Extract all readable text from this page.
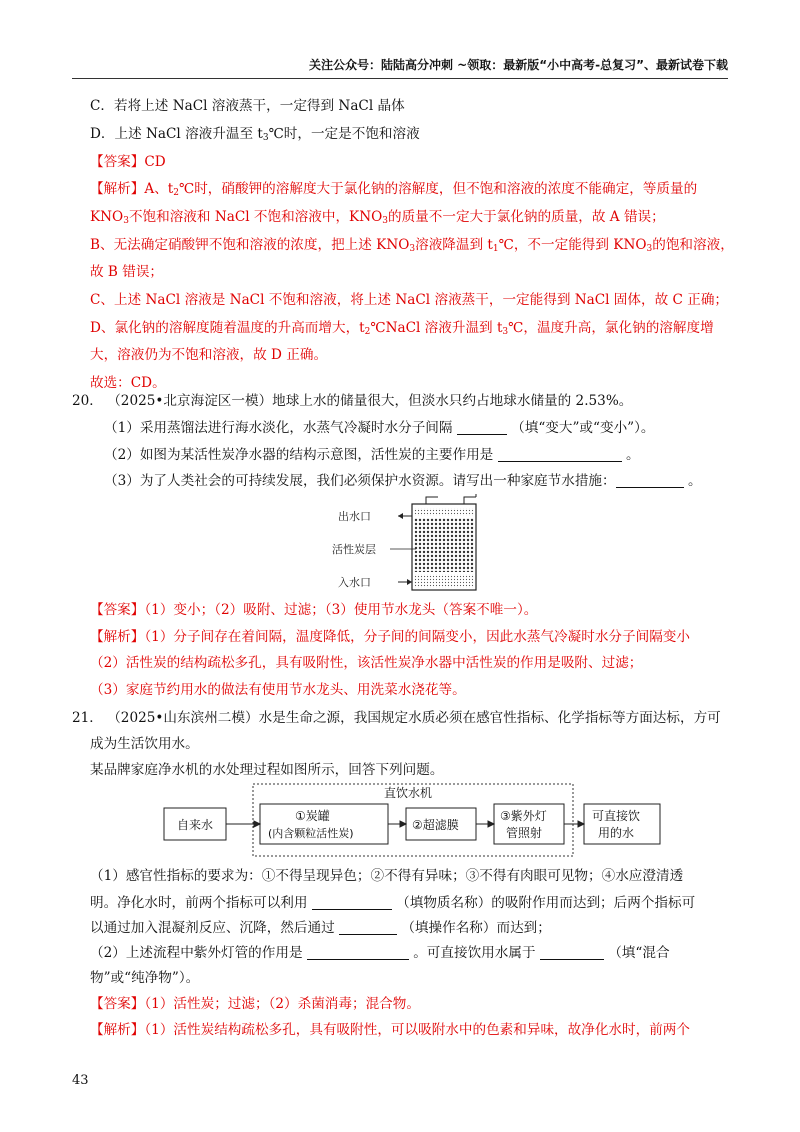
关注公众号：陆陆高分冲刺 ~领取：最新版“小中高考-总复习”、最新试卷下载
C．若将上述 NaCl 溶液蒸干，一定得到 NaCl 晶体
D．上述 NaCl 溶液升温至 $t_3℃$时，一定是不饱和溶液
【答案】CD
【解析】A、$t_2℃$时，硝酸钾的溶解度大于氯化钠的溶解度，但不饱和溶液的浓度不能确定，等质量的
$KNO_3$不饱和溶液和 NaCl 不饱和溶液中，$KNO_3$的质量不一定大于氯化钠的质量，故 A 错误；
B、无法确定硝酸钾不饱和溶液的浓度，把上述 $KNO_3$溶液降温到 $t_1℃$，不一定能得到 $KNO_3$的饱和溶液，
故 B 错误；
C、上述 NaCl 溶液是 NaCl 不饱和溶液，将上述 NaCl 溶液蒸干，一定能得到 NaCl 固体，故 C 正确；
D、氯化钠的溶解度随着温度的升高而增大，$t_2℃NaCl$ 溶液升温到 $t_3℃$，温度升高，氯化钠的溶解度增
大，溶液仍为不饱和溶液，故 D 正确。
故选：CD。
20． （2025•北京海淀区一模）地球上水的储量很大，但淡水只约占地球水储量的 2.53%。
（1）采用蒸馏法进行海水淡化，水蒸气冷凝时水分子间隔	（填“变大”或“变小”）。
（2）如图为某活性炭净水器的结构示意图，活性炭的主要作用是	。
（3）为了人类社会的可持续发展，我们必须保护水资源。请写出一种家庭节水措施：	。
出水口
活性炭层
入水口
【答案】（1）变小；（2）吸附、过滤；（3）使用节水龙头（答案不唯一）。
【解析】（1）分子间存在着间隔，温度降低，分子间的间隔变小，因此水蒸气冷凝时水分子间隔变小
（2）活性炭的结构疏松多孔，具有吸附性，该活性炭净水器中活性炭的作用是吸附、过滤；
（3）家庭节约用水的做法有使用节水龙头、用洗菜水浇花等。
21． （2025•山东滨州二模）水是生命之源，我国规定水质必须在感官性指标、化学指标等方面达标，方可
成为生活饮用水。
某品牌家庭净水机的水处理过程如图所示，回答下列问题。
直饮水机
自来水
①炭罐
(内含颗粒活性炭)
②超滤膜
③紫外灯
管照射
可直接饮
用的水
（1）感官性指标的要求为：①不得呈现异色；②不得有异味；③不得有肉眼可见物；④水应澄清透
明。净化水时，前两个指标可以利用	（填物质名称）的吸附作用而达到；后两个指标可
以通过加入混凝剂反应、沉降，然后通过	（填操作名称）而达到；
（2）上述流程中紫外灯管的作用是	。可直接饮用水属于	（填“混合
物”或“纯净物”）。
【答案】（1）活性炭；过滤；（2）杀菌消毒；混合物。
【解析】（1）活性炭结构疏松多孔，具有吸附性，可以吸附水中的色素和异味，故净化水时，前两个
43
